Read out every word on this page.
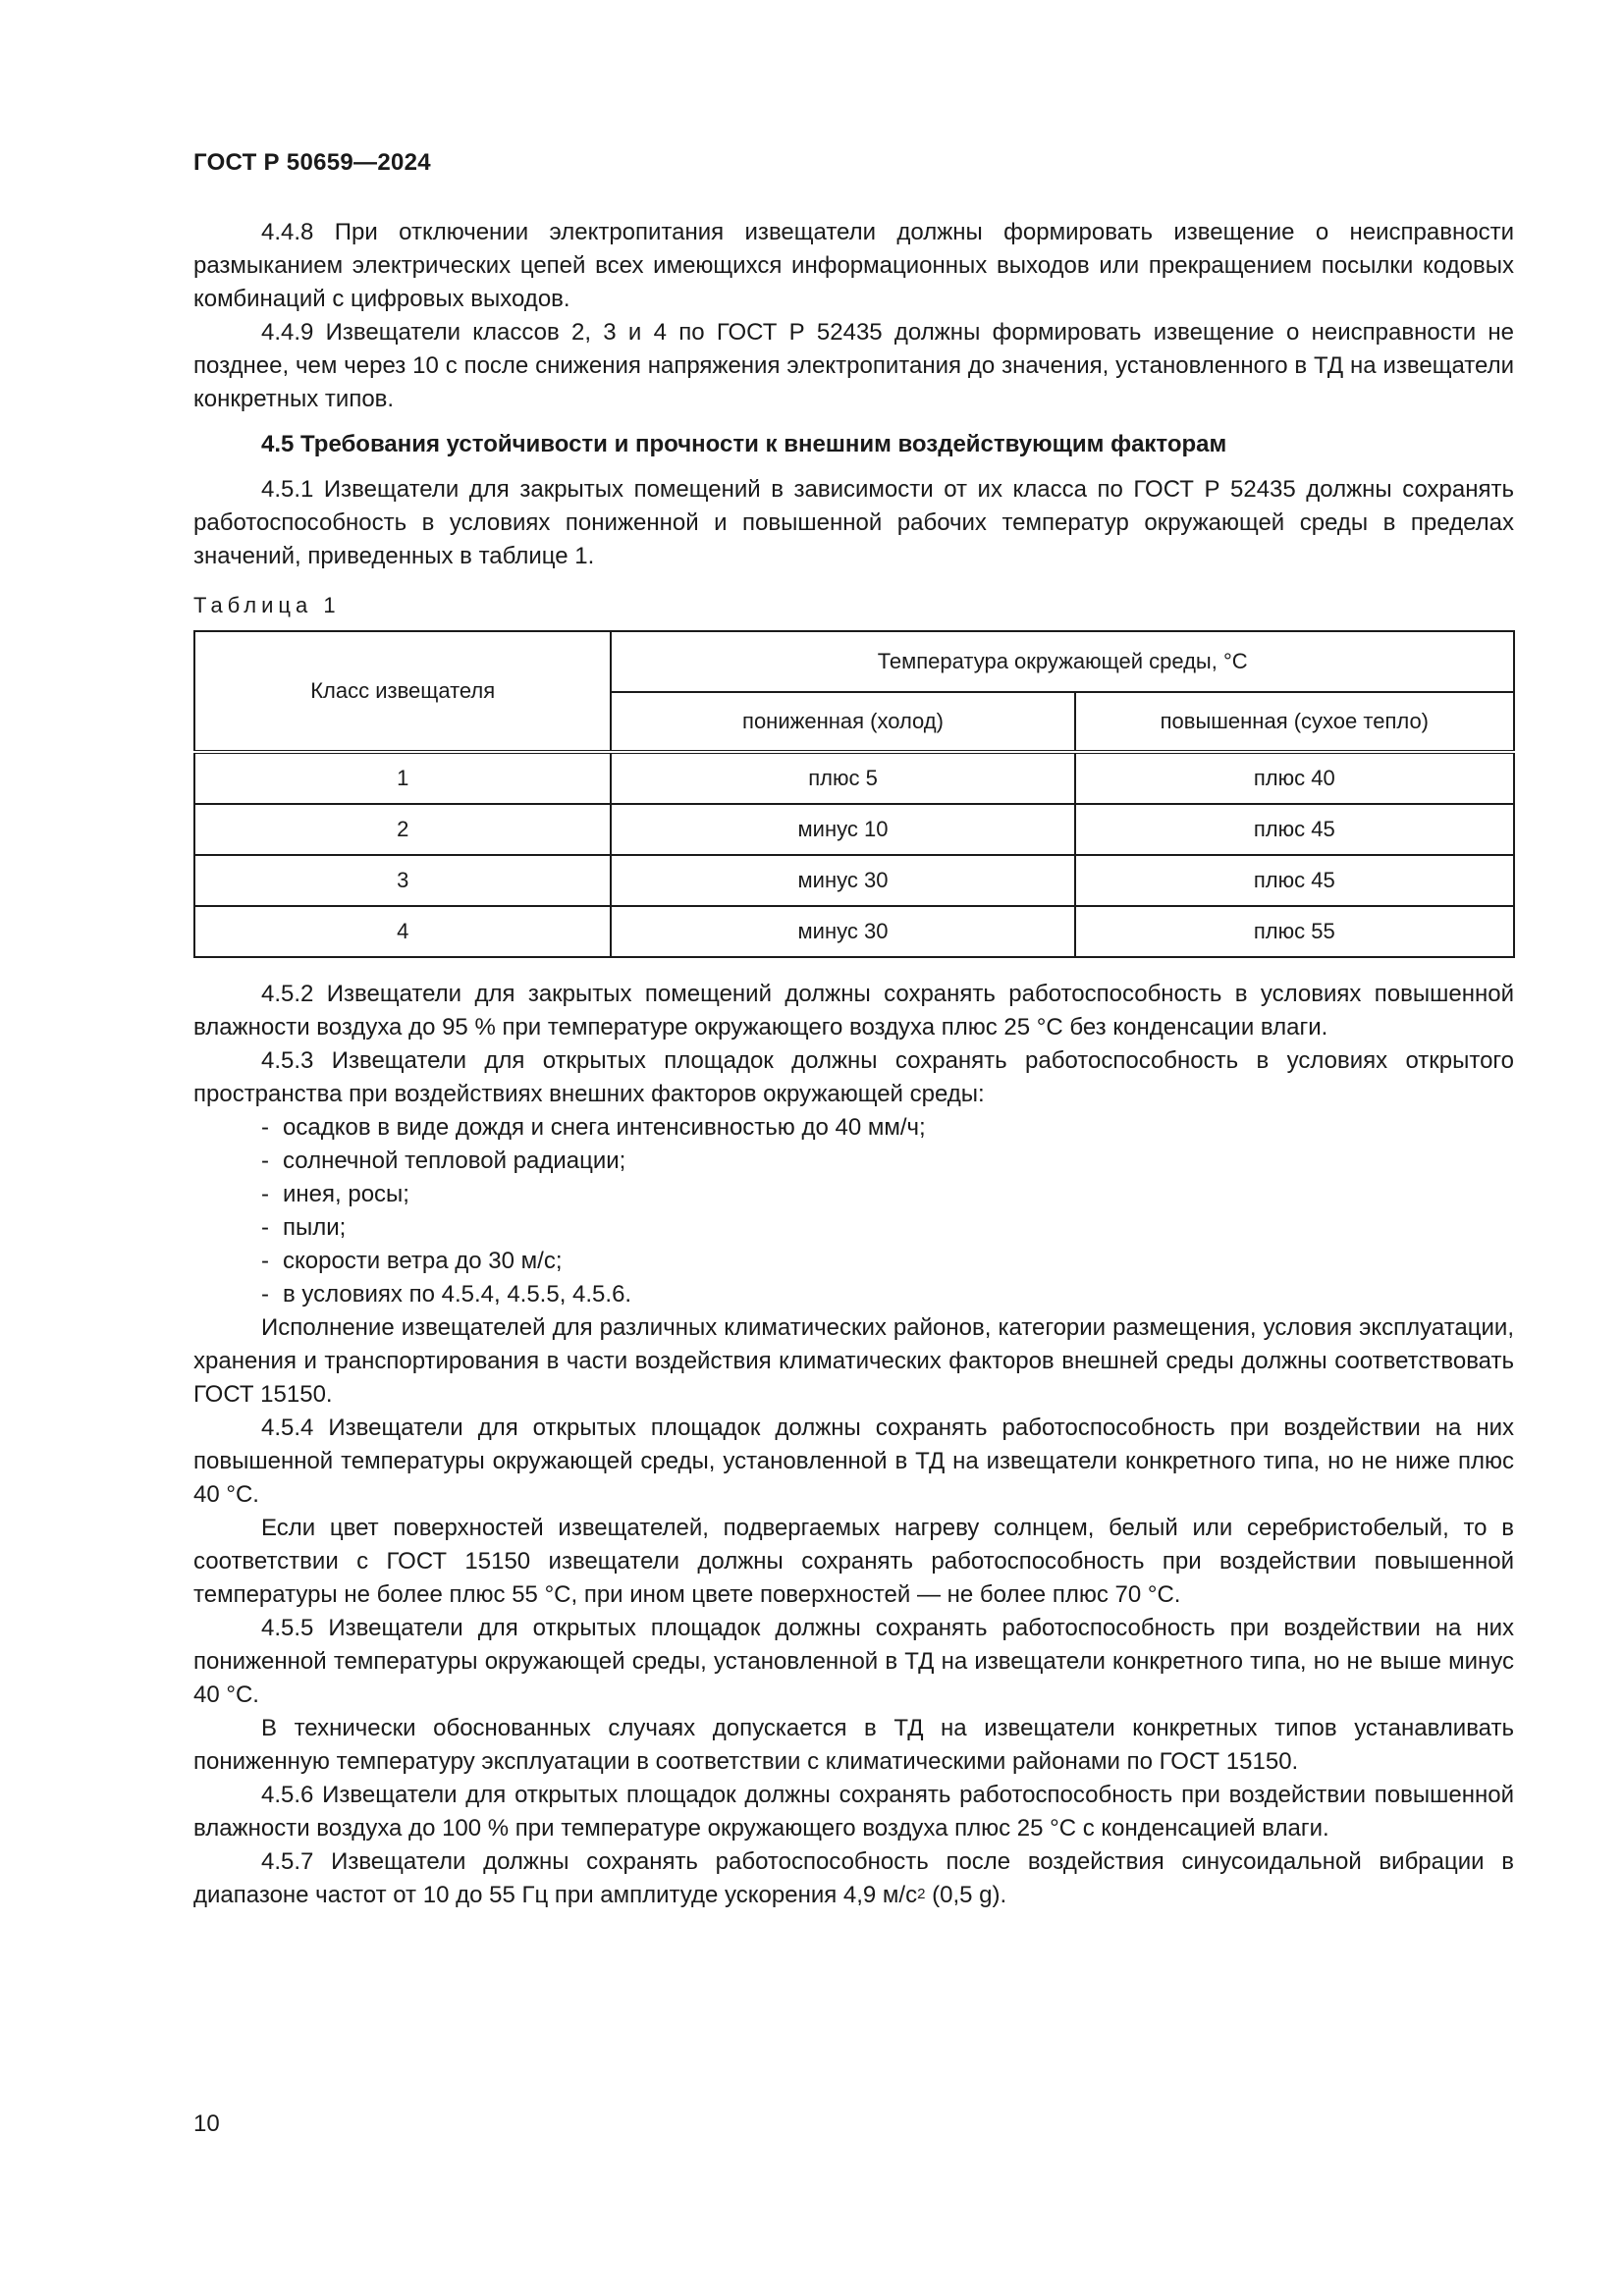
ГОСТ Р 50659—2024

4.4.8 При отключении электропитания извещатели должны формировать извещение о неисправности размыканием электрических цепей всех имеющихся информационных выходов или прекращением посылки кодовых комбинаций с цифровых выходов.

4.4.9 Извещатели классов 2, 3 и 4 по ГОСТ Р 52435 должны формировать извещение о неисправности не позднее, чем через 10 с после снижения напряжения электропитания до значения, установленного в ТД на извещатели конкретных типов.

4.5 Требования устойчивости и прочности к внешним воздействующим факторам

4.5.1 Извещатели для закрытых помещений в зависимости от их класса по ГОСТ Р 52435 должны сохранять работоспособность в условиях пониженной и повышенной рабочих температур окружающей среды в пределах значений, приведенных в таблице 1.

Таблица 1
Класс извещателя	Температура окружающей среды, °С	
	пониженная (холод)	повышенная (сухое тепло)
1	плюс 5	плюс 40
2	минус 10	плюс 45
3	минус 30	плюс 45
4	минус 30	плюс 55

4.5.2 Извещатели для закрытых помещений должны сохранять работоспособность в условиях повышенной влажности воздуха до 95 % при температуре окружающего воздуха плюс 25 °С без конденсации влаги.

4.5.3 Извещатели для открытых площадок должны сохранять работоспособность в условиях открытого пространства при воздействиях внешних факторов окружающей среды:

- осадков в виде дождя и снега интенсивностью до 40 мм/ч;
- солнечной тепловой радиации;
- инея, росы;
- пыли;
- скорости ветра до 30 м/с;
- в условиях по 4.5.4, 4.5.5, 4.5.6.

Исполнение извещателей для различных климатических районов, категории размещения, условия эксплуатации, хранения и транспортирования в части воздействия климатических факторов внешней среды должны соответствовать ГОСТ 15150.

4.5.4 Извещатели для открытых площадок должны сохранять работоспособность при воздействии на них повышенной температуры окружающей среды, установленной в ТД на извещатели конкретного типа, но не ниже плюс 40 °С.

Если цвет поверхностей извещателей, подвергаемых нагреву солнцем, белый или серебристобелый, то в соответствии с ГОСТ 15150 извещатели должны сохранять работоспособность при воздействии повышенной температуры не более плюс 55 °С, при ином цвете поверхностей — не более плюс 70 °С.

4.5.5 Извещатели для открытых площадок должны сохранять работоспособность при воздействии на них пониженной температуры окружающей среды, установленной в ТД на извещатели конкретного типа, но не выше минус 40 °С.

В технически обоснованных случаях допускается в ТД на извещатели конкретных типов устанавливать пониженную температуру эксплуатации в соответствии с климатическими районами по ГОСТ 15150.

4.5.6 Извещатели для открытых площадок должны сохранять работоспособность при воздействии повышенной влажности воздуха до 100 % при температуре окружающего воздуха плюс 25 °С с конденсацией влаги.

4.5.7 Извещатели должны сохранять работоспособность после воздействия синусоидальной вибрации в диапазоне частот от 10 до 55 Гц при амплитуде ускорения 4,9 $м/с^2$ (0,5 g).

10
